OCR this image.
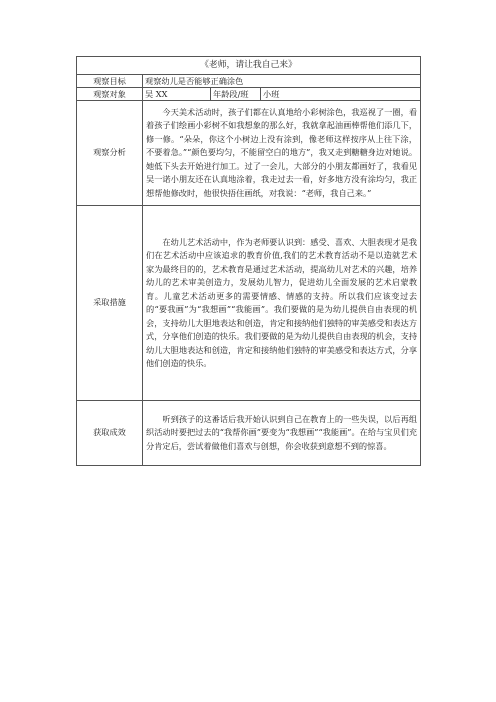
《老师，请让我自己来》			
观察目标	观察幼儿是否能够正确涂色		
观察对象	吴 XX	年龄段/班	小班
观察分析	今天美术活动时，孩子们都在认真地给小彩树涂色，我巡视了一圈，看着孩子们绘画小彩树不如我想象的那么好，我就拿起油画棒帮他们添几下，修一修。“朵朵，你这个小树边上没有涂到，像老师这样按序从上往下涂，不要着急。”“颜色要均匀，不能留空白的地方”，我又走到糖糖身边对她说。她低下头去开始进行加工。过了一会儿，大部分的小朋友都画好了，我看见吴一诺小朋友还在认真地涂着，我走过去一看，好多地方没有涂均匀，我正想帮他修改时，他很快捂住画纸，对我说：“老师，我自己来。”		
采取措施	在幼儿艺术活动中，作为老师要认识到：感受、喜欢、大胆表现才是我们在艺术活动中应该追求的教育价值,我们的艺术教育活动不是以造就艺术家为最终目的的，艺术教育是通过艺术活动，提高幼儿对艺术的兴趣，培养幼儿的艺术审美创造力，发展幼儿智力，促进幼儿全面发展的艺术启蒙教育。儿童艺术活动更多的需要情感、情感的支持。所以我们应该变过去的“要我画”为“我想画”“我能画”。我们要做的是为幼儿提供自由表现的机会，支持幼儿大胆地表达和创造，肯定和接纳他们独特的审美感受和表达方式，分享他们创造的快乐。我们要做的是为幼儿提供自由表现的机会，支持幼儿大胆地表达和创造，肯定和接纳他们独特的审美感受和表达方式，分享他们创造的快乐。		
获取成效	听到孩子的这番话后我开始认识到自己在教育上的一些失误，以后再组织活动时要把过去的“我帮你画”要变为“我想画”“我能画”。在给与宝贝们充分肯定后，尝试着做他们喜欢与创想，你会收获到意想不到的惊喜。		
